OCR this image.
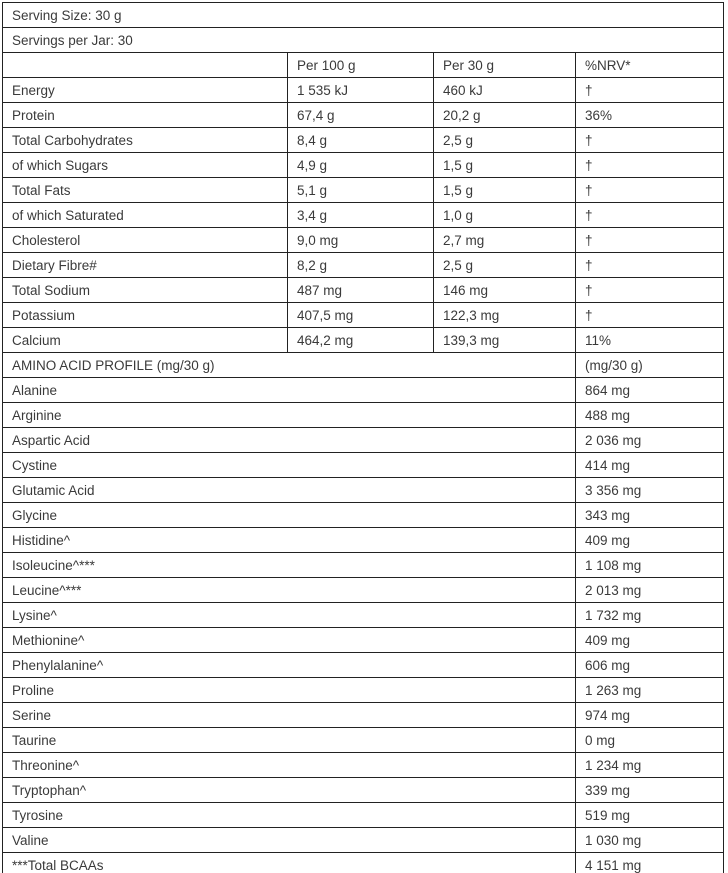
Serving Size: 30 g			
Servings per Jar: 30			
	Per 100 g	Per 30 g	%NRV*
Energy	1 535 kJ	460 kJ	†
Protein	67,4 g	20,2 g	36%
Total Carbohydrates	8,4 g	2,5 g	†
of which Sugars	4,9 g	1,5 g	†
Total Fats	5,1 g	1,5 g	†
of which Saturated	3,4 g	1,0 g	†
Cholesterol	9,0 mg	2,7 mg	†
Dietary Fibre#	8,2 g	2,5 g	†
Total Sodium	487 mg	146 mg	†
Potassium	407,5 mg	122,3 mg	†
Calcium	464,2 mg	139,3 mg	11%
AMINO ACID PROFILE (mg/30 g)			(mg/30 g)
Alanine			864 mg
Arginine			488 mg
Aspartic Acid			2 036 mg
Cystine			414 mg
Glutamic Acid			3 356 mg
Glycine			343 mg
Histidine^			409 mg
Isoleucine^***			1 108 mg
Leucine^***			2 013 mg
Lysine^			1 732 mg
Methionine^			409 mg
Phenylalanine^			606 mg
Proline			1 263 mg
Serine			974 mg
Taurine			0 mg
Threonine^			1 234 mg
Tryptophan^			339 mg
Tyrosine			519 mg
Valine			1 030 mg
***Total BCAAs			4 151 mg
